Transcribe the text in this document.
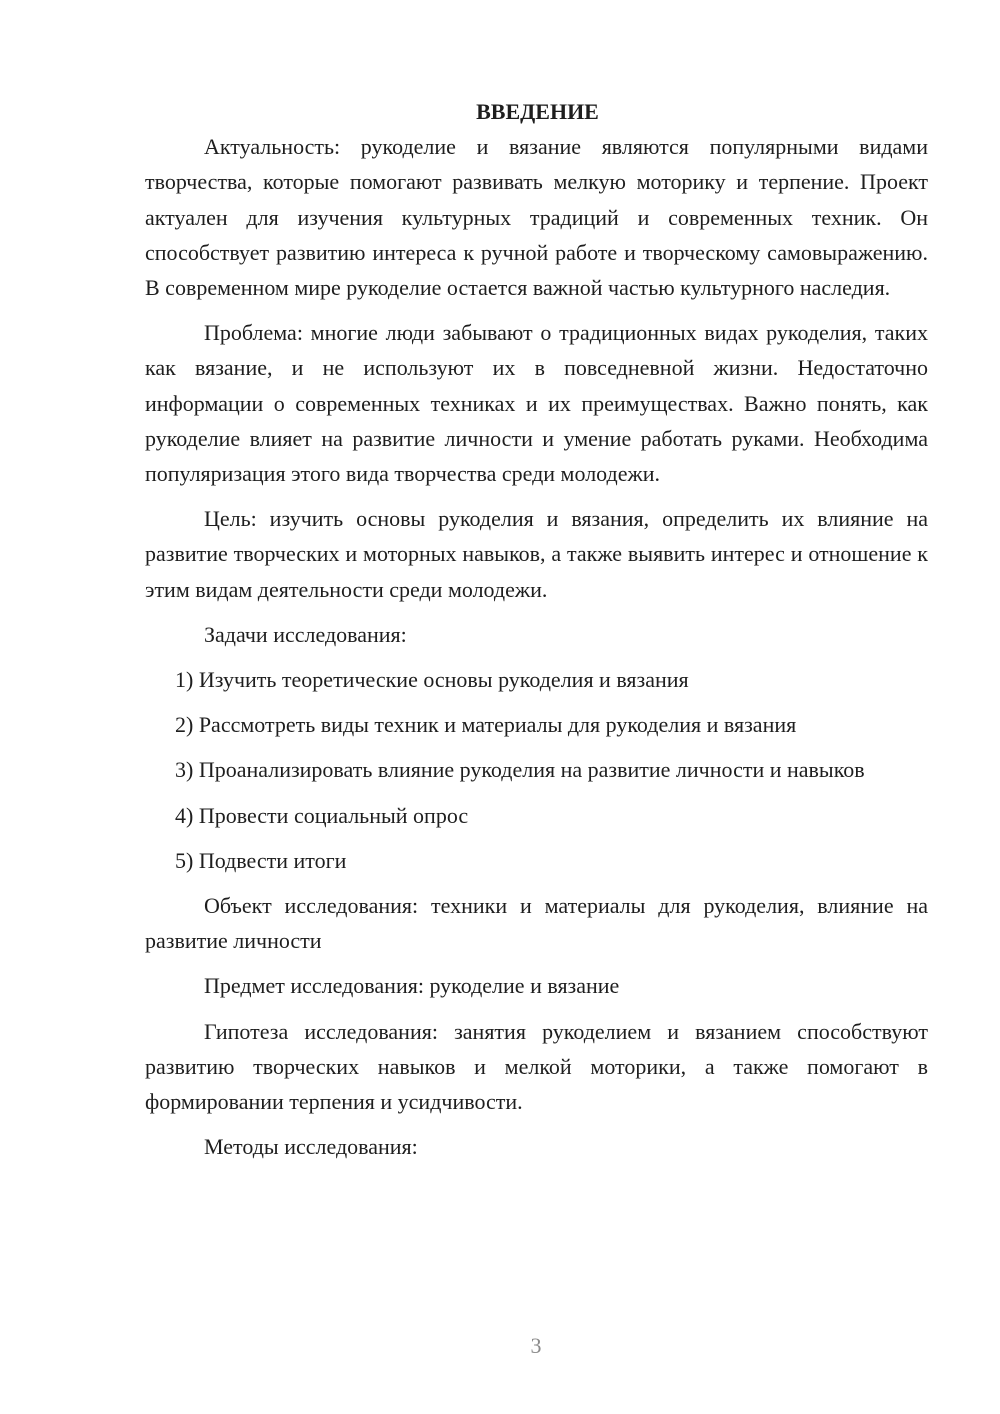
ВВЕДЕНИЕ

Актуальность: рукоделие и вязание являются популярными видами творчества, которые помогают развивать мелкую моторику и терпение. Проект актуален для изучения культурных традиций и современных техник. Он способствует развитию интереса к ручной работе и творческому самовыражению. В современном мире рукоделие остается важной частью культурного наследия.

Проблема: многие люди забывают о традиционных видах рукоделия, таких как вязание, и не используют их в повседневной жизни. Недостаточно информации о современных техниках и их преимуществах. Важно понять, как рукоделие влияет на развитие личности и умение работать руками. Необходима популяризация этого вида творчества среди молодежи.

Цель: изучить основы рукоделия и вязания, определить их влияние на развитие творческих и моторных навыков, а также выявить интерес и отношение к этим видам деятельности среди молодежи.

Задачи исследования:

1) Изучить теоретические основы рукоделия и вязания

2) Рассмотреть виды техник и материалы для рукоделия и вязания

3) Проанализировать влияние рукоделия на развитие личности и навыков

4) Провести социальный опрос

5) Подвести итоги

Объект исследования: техники и материалы для рукоделия, влияние на развитие личности

Предмет исследования: рукоделие и вязание

Гипотеза исследования: занятия рукоделием и вязанием способствуют развитию творческих навыков и мелкой моторики, а также помогают в формировании терпения и усидчивости.

Методы исследования:

3
